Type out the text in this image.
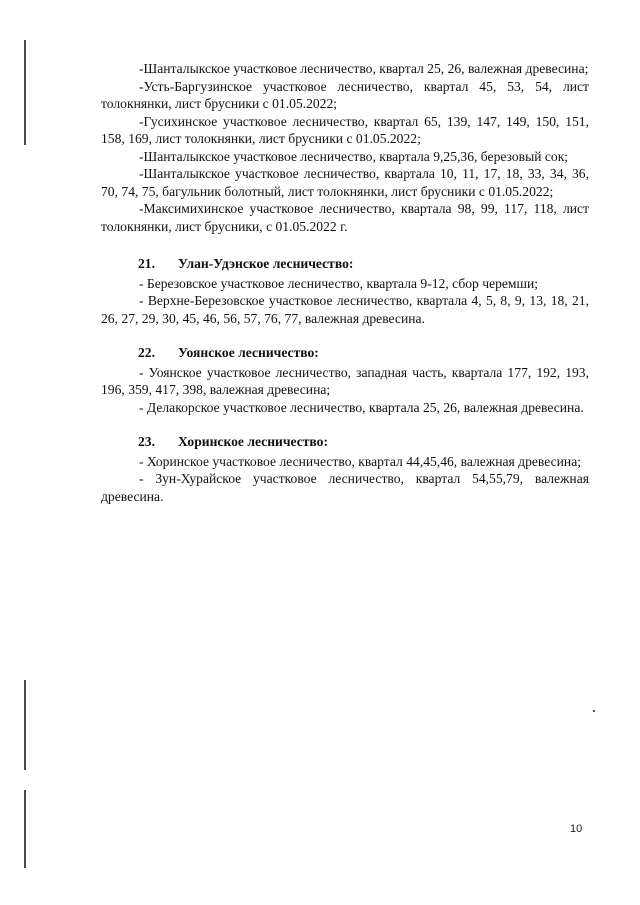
-Шанталыкское участковое лесничество, квартал 25, 26, валежная древесина;

-Усть-Баргузинское участковое лесничество, квартал 45, 53, 54, лист толокнянки, лист брусники с 01.05.2022;

-Гусихинское участковое лесничество, квартал 65, 139, 147, 149, 150, 151, 158, 169, лист толокнянки, лист брусники с 01.05.2022;

-Шанталыкское участковое лесничество, квартала 9,25,36, березовый сок;

-Шанталыкское участковое лесничество, квартала 10, 11, 17, 18, 33, 34, 36, 70, 74, 75, багульник болотный, лист толокнянки, лист брусники с 01.05.2022;

-Максимихинское участковое лесничество, квартала 98, 99, 117, 118, лист толокнянки, лист брусники, с 01.05.2022 г.

21. Улан-Удэнское лесничество:

- Березовское участковое лесничество, квартала 9-12, сбор черемши;

- Верхне-Березовское участковое лесничество, квартала 4, 5, 8, 9, 13, 18, 21, 26, 27, 29, 30, 45, 46, 56, 57, 76, 77, валежная древесина.

22. Уоянское лесничество:

- Уоянское участковое лесничество, западная часть, квартала 177, 192, 193, 196, 359, 417, 398, валежная древесина;

- Делакорское участковое лесничество, квартала 25, 26, валежная древесина.

23. Хоринское лесничество:

- Хоринское участковое лесничество, квартал 44,45,46, валежная древесина;

- Зун-Хурайское участковое лесничество, квартал 54,55,79, валежная древесина.

10
